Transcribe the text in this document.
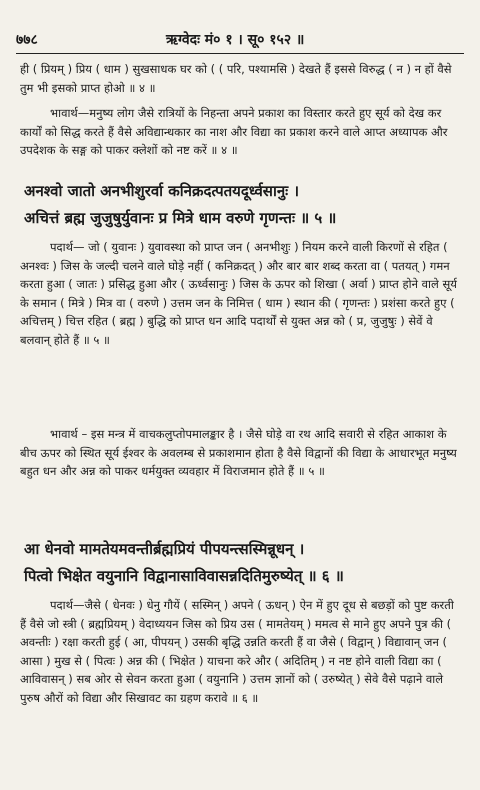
७७८	ऋग्वेदः मं० १ । सू० १५२ ॥

ही ( प्रियम् ) प्रिय ( धाम ) सुखसाधक घर को ( ( परि, पश्यामसि ) देखते हैं इससे विरुद्ध ( न ) न हों वैसे तुम भी इसको प्राप्त होओ ॥ ४ ॥

भावार्थ—मनुष्य लोग जैसे रात्रियों के निहन्ता अपने प्रकाश का विस्तार करते हुए सूर्य को देख कर कार्यों को सिद्ध करते हैं वैसे अविद्यान्धकार का नाश और विद्या का प्रकाश करने वाले आप्त अध्यापक और उपदेशक के सङ्ग को पाकर क्लेशों को नष्ट करें ॥ ४ ॥

अनश्वो जातो अनभीशुरर्वा कनिक्रदत्पतयदूर्ध्वसानुः ।
अचित्तं ब्रह्म जुजुषुर्युवानः प्र मित्रे धाम वरुणे गृणन्तः ॥ ५ ॥

पदार्थ— जो ( युवानः ) युवावस्था को प्राप्त जन ( अनभीशुः ) नियम करने वाली किरणों से रहित ( अनश्वः ) जिस के जल्दी चलने वाले घोड़े नहीं ( कनिक्रदत् ) और बार बार शब्द करता वा ( पतयत् ) गमन करता हुआ ( जातः ) प्रसिद्ध हुआ और ( ऊर्ध्वसानुः ) जिस के ऊपर को शिखा ( अर्वा ) प्राप्त होने वाले सूर्य के समान ( मित्रे ) मित्र वा ( वरुणे ) उत्तम जन के निमित्त ( धाम ) स्थान की ( गृणन्तः ) प्रशंसा करते हुए ( अचित्तम् ) चित्त रहित ( ब्रह्म ) बुद्धि को प्राप्त धन आदि पदार्थों से युक्त अन्न को ( प्र, जुजुषुः ) सेवें वे बलवान् होते हैं ॥ ५ ॥

भावार्थ – इस मन्त्र में वाचकलुप्तोपमालङ्कार है । जैसे घोड़े वा रथ आदि सवारी से रहित आकाश के बीच ऊपर को स्थित सूर्य ईश्वर के अवलम्ब से प्रकाशमान होता है वैसे विद्वानों की विद्या के आधारभूत मनुष्य बहुत धन और अन्न को पाकर धर्मयुक्त व्यवहार में विराजमान होते हैं ॥ ५ ॥

आ धेनवो मामतेयमवन्तीर्ब्रह्मप्रियं पीपयन्त्सस्मिन्नूधन् ।
पित्वो भिक्षेत वयुनानि विद्वानासाविवासन्नदितिमुरुष्येत् ॥ ६ ॥

पदार्थ—जैसे ( धेनवः ) धेनु गौयें ( सस्मिन् ) अपने ( ऊधन् ) ऐन में हुए दूध से बछड़ों को पुष्ट करती हैं वैसे जो स्त्री ( ब्रह्मप्रियम् ) वेदाध्ययन जिस को प्रिय उस ( मामतेयम् ) ममत्व से माने हुए अपने पुत्र की ( अवन्तीः ) रक्षा करती हुई ( आ, पीपयन् ) उसकी बृद्धि उन्नति करती हैं वा जैसे ( विद्वान् ) विद्यावान् जन ( आसा ) मुख से ( पित्वः ) अन्न की ( भिक्षेत ) याचना करे और ( अदितिम् ) न नष्ट होने वाली विद्या का ( आविवासन् ) सब ओर से सेवन करता हुआ ( वयुनानि ) उत्तम ज्ञानों को ( उरुष्येत् ) सेवे वैसे पढ़ाने वाले पुरुष औरों को विद्या और सिखावट का ग्रहण करावे ॥ ६ ॥
